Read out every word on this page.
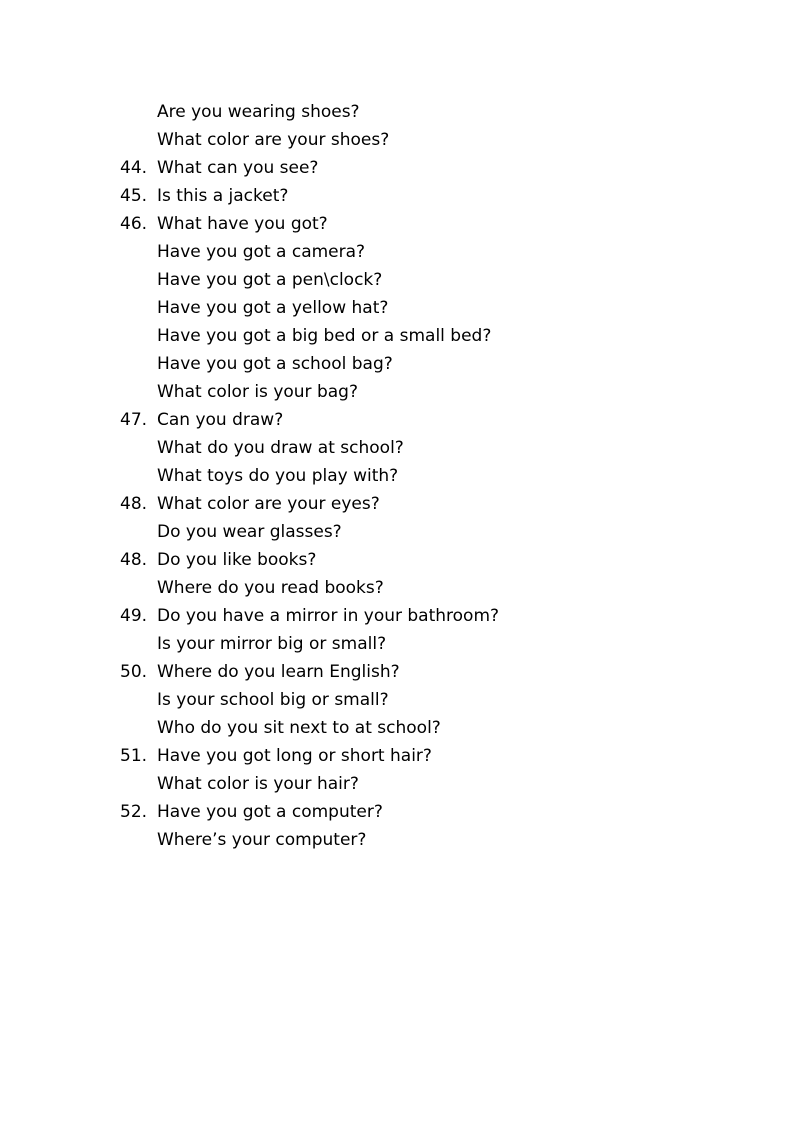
Are you wearing shoes?
What color are your shoes?
44. What can you see?
45. Is this a jacket?
46. What have you got?
Have you got a camera?
Have you got a pen\clock?
Have you got a yellow hat?
Have you got a big bed or a small bed?
Have you got a school bag?
What color is your bag?
47. Can you draw?
What do you draw at school?
What toys do you play with?
48. What color are your eyes?
Do you wear glasses?
48. Do you like books?
Where do you read books?
49. Do you have a mirror in your bathroom?
Is your mirror big or small?
50. Where do you learn English?
Is your school big or small?
Who do you sit next to at school?
51. Have you got long or short hair?
What color is your hair?
52. Have you got a computer?
Where’s your computer?
